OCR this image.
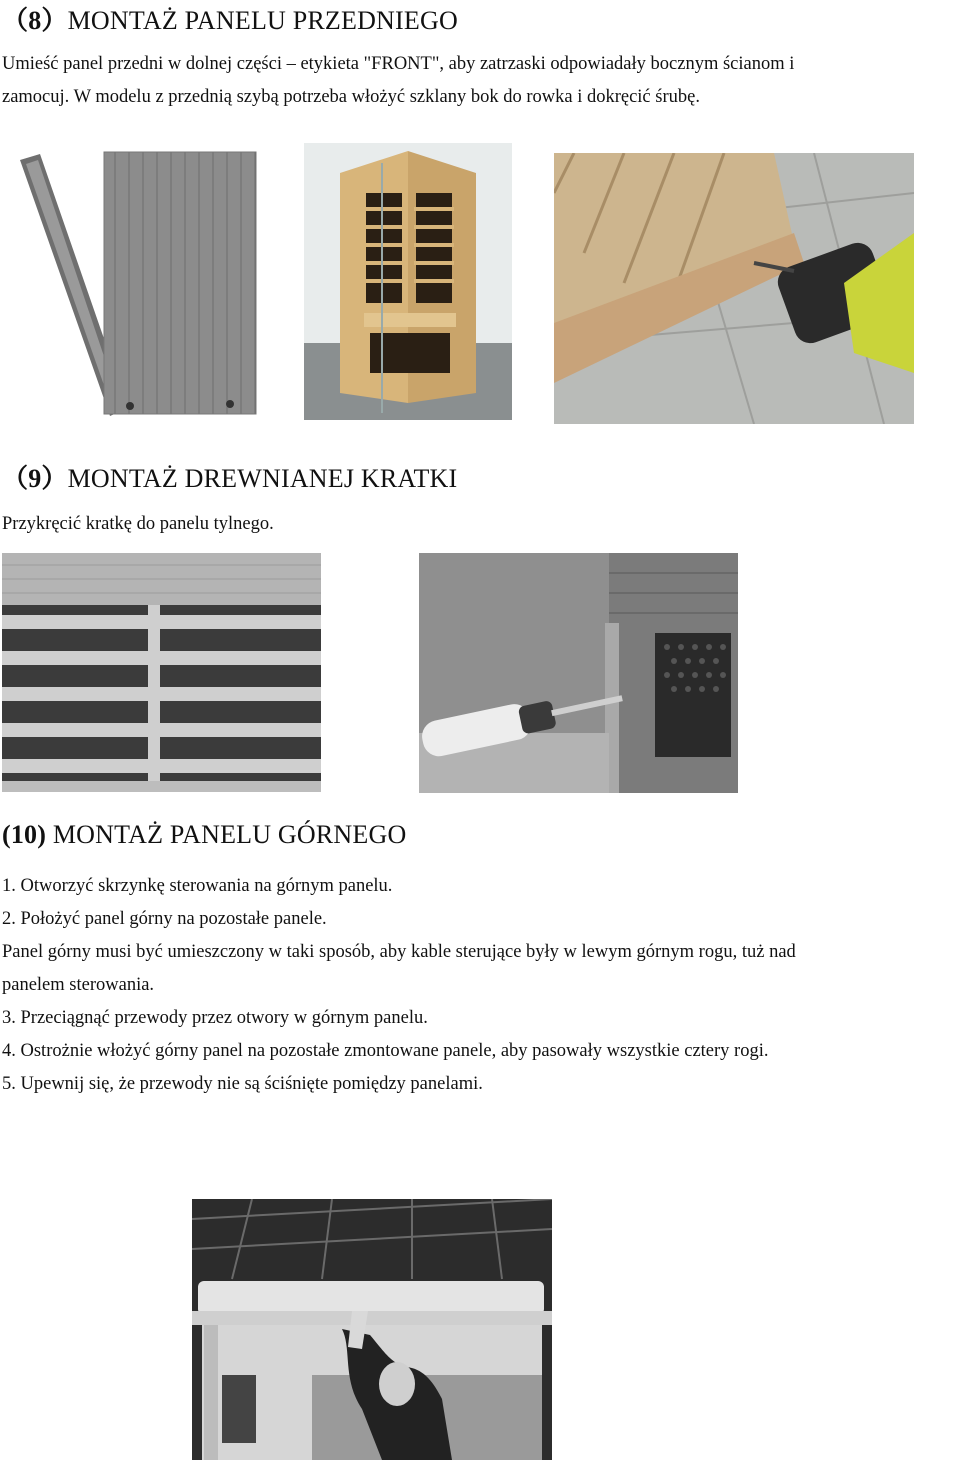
（8）MONTAŻ PANELU PRZEDNIEGO
Umieść panel przedni w dolnej części – etykieta "FRONT", aby zatrzaski odpowiadały bocznym ścianom i
zamocuj. W modelu z przednią szybą potrzeba włożyć szklany bok do rowka i dokręcić śrubę.
（9）MONTAŻ DREWNIANEJ KRATKI
Przykręcić kratkę do panelu tylnego.
(10) MONTAŻ PANELU GÓRNEGO
1. Otworzyć skrzynkę sterowania na górnym panelu.
2. Położyć panel górny na pozostałe panele.
Panel górny musi być umieszczony w taki sposób, aby kable sterujące były w lewym górnym rogu, tuż nad
panelem sterowania.
3. Przeciągnąć przewody przez otwory w górnym panelu.
4. Ostrożnie włożyć górny panel na pozostałe zmontowane panele, aby pasowały wszystkie cztery rogi.
5. Upewnij się, że przewody nie są ściśnięte pomiędzy panelami.
